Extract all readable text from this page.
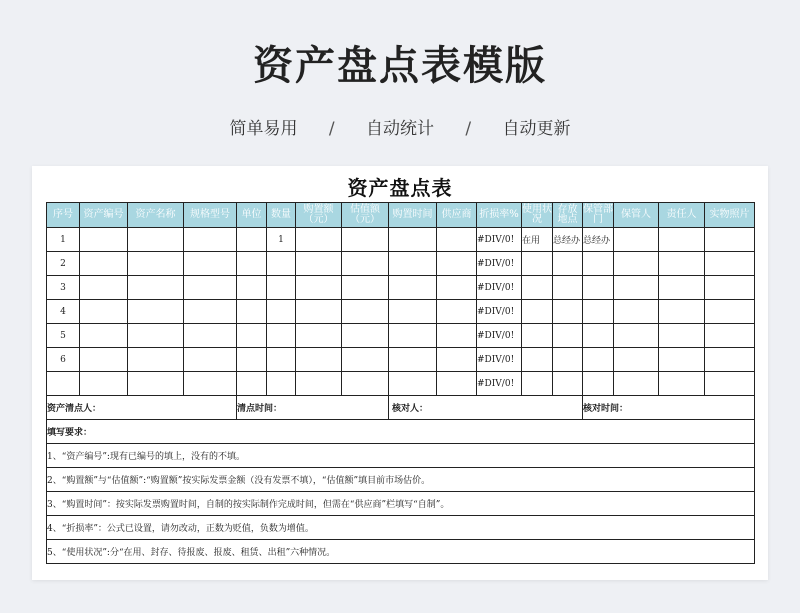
资产盘点表模版
简单易用 / 自动统计 / 自动更新
资产盘点表
序号	资产编号	资产名称	规格型号	单位	数量	购置额（元）	估值额（元）	购置时间	供应商	折损率%	使用状况	存放地点	保管部门	保管人	责任人	实物照片
1					1					#DIV/0!	在用	总经办	总经办			
2										#DIV/0!						
3										#DIV/0!						
4										#DIV/0!						
5										#DIV/0!						
6										#DIV/0!						
										#DIV/0!						
资产清点人：				清点时间：				核对人：					核对时间：			
填写要求：																
1、“资产编号”:现有已编号的填上，没有的不填。																
2、“购置额”与“估值额”:“购置额”按实际发票金额（没有发票不填），“估值额”填目前市场估价。																
3、“购置时间”：按实际发票购置时间，自制的按实际制作完成时间，但需在“供应商”栏填写“自制”。																
4、“折损率”：公式已设置，请勿改动，正数为贬值，负数为增值。																
5、“使用状况”:分“在用、封存、待报废、报废、租赁、出租”六种情况。																
